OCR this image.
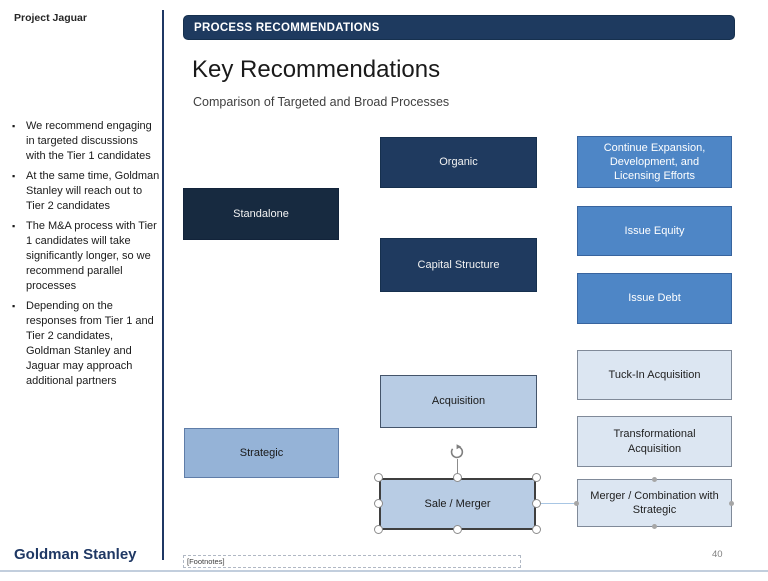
Project Jaguar
PROCESS RECOMMENDATIONS
Key Recommendations
Comparison of Targeted and Broad Processes
▪ We recommend engaging in targeted discussions with the Tier 1 candidates
▪ At the same time, Goldman Stanley will reach out to Tier 2 candidates
▪ The M&A process with Tier 1 candidates will take significantly longer, so we recommend parallel processes
▪ Depending on the responses from Tier 1 and Tier 2 candidates, Goldman Stanley and Jaguar may approach additional partners
Organic
Standalone
Capital Structure
Continue Expansion, Development, and Licensing Efforts
Issue Equity
Issue Debt
Tuck-In Acquisition
Transformational Acquisition
Merger / Combination with Strategic
Acquisition
Strategic
Sale / Merger
Goldman Stanley	[Footnotes]
40
